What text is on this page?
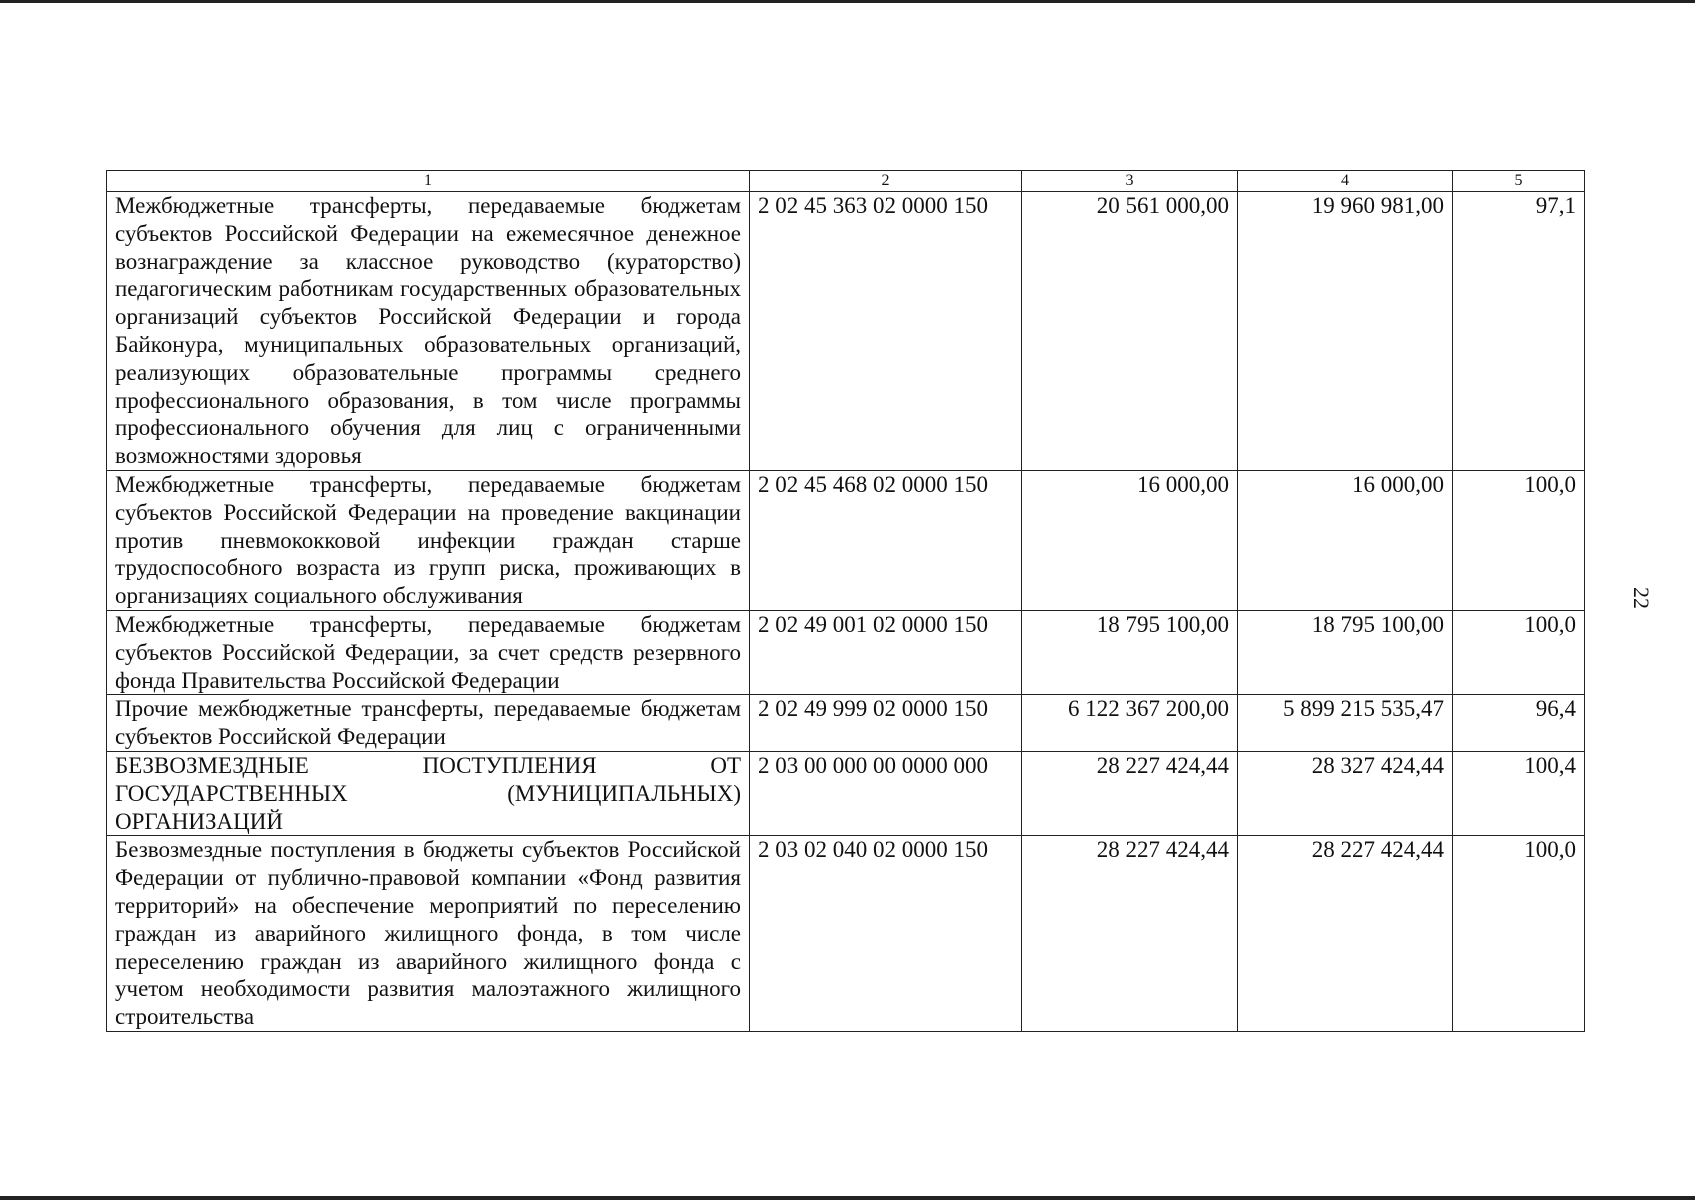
1	2	3	4	5
Межбюджетные трансферты, передаваемые бюджетам субъектов Российской Федерации на ежемесячное денежное вознаграждение за классное руководство (кураторство) педагогическим работникам государственных образовательных организаций субъектов Российской Федерации и города Байконура, муниципальных образовательных организаций, реализующих образовательные программы среднего профессионального образования, в том числе программы профессионального обучения для лиц с ограниченными возможностями здоровья	2 02 45 363 02 0000 150	20 561 000,00	19 960 981,00	97,1
Межбюджетные трансферты, передаваемые бюджетам субъектов Российской Федерации на проведение вакцинации против пневмококковой инфекции граждан старше трудоспособного возраста из групп риска, проживающих в организациях социального обслуживания	2 02 45 468 02 0000 150	16 000,00	16 000,00	100,0
Межбюджетные трансферты, передаваемые бюджетам субъектов Российской Федерации, за счет средств резервного фонда Правительства Российской Федерации	2 02 49 001 02 0000 150	18 795 100,00	18 795 100,00	100,0
Прочие межбюджетные трансферты, передаваемые бюджетам субъектов Российской Федерации	2 02 49 999 02 0000 150	6 122 367 200,00	5 899 215 535,47	96,4
БЕЗВОЗМЕЗДНЫЕ ПОСТУПЛЕНИЯ ОТ ГОСУДАРСТВЕННЫХ (МУНИЦИПАЛЬНЫХ) ОРГАНИЗАЦИЙ	2 03 00 000 00 0000 000	28 227 424,44	28 327 424,44	100,4
Безвозмездные поступления в бюджеты субъектов Российской Федерации от публично-правовой компании «Фонд развития территорий» на обеспечение мероприятий по переселению граждан из аварийного жилищного фонда, в том числе переселению граждан из аварийного жилищного фонда с учетом необходимости развития малоэтажного жилищного строительства	2 03 02 040 02 0000 150	28 227 424,44	28 227 424,44	100,0
22
